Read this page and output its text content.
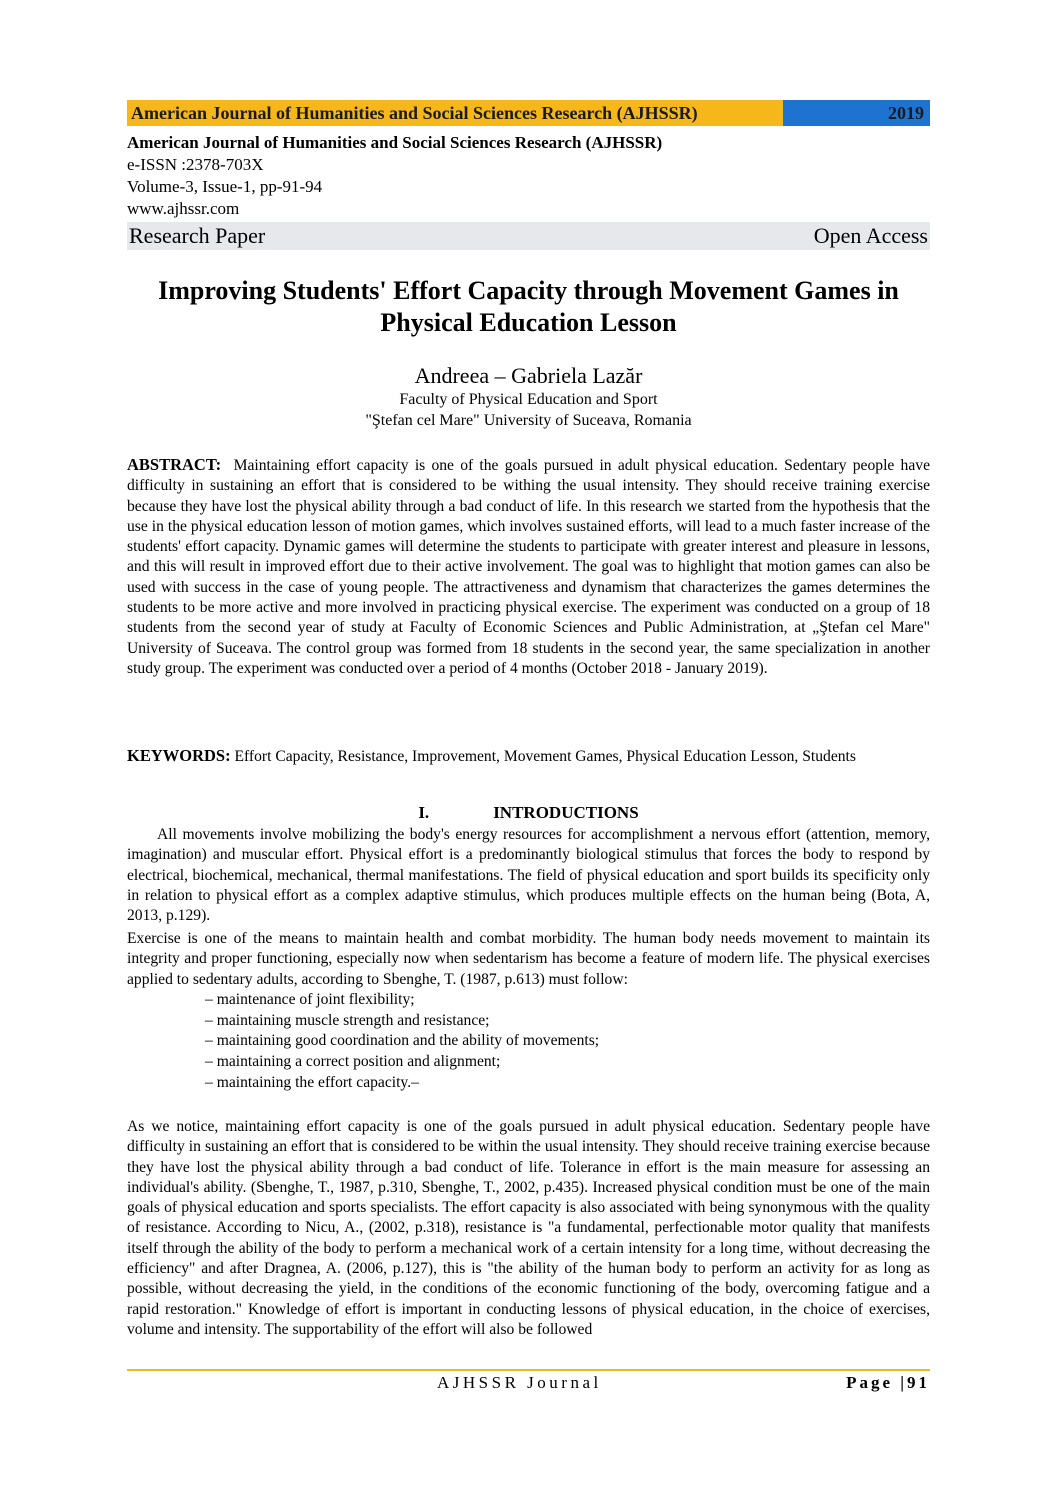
American Journal of Humanities and Social Sciences Research (AJHSSR)	2019
American Journal of Humanities and Social Sciences Research (AJHSSR)
e-ISSN :2378-703X
Volume-3, Issue-1, pp-91-94
www.ajhssr.com
Research Paper	Open Access
Improving Students' Effort Capacity through Movement Games in Physical Education Lesson
Andreea – Gabriela Lazăr
Faculty of Physical Education and Sport
"Ştefan cel Mare" University of Suceava, Romania
ABSTRACT: Maintaining effort capacity is one of the goals pursued in adult physical education. Sedentary people have difficulty in sustaining an effort that is considered to be withing the usual intensity. They should receive training exercise because they have lost the physical ability through a bad conduct of life. In this research we started from the hypothesis that the use in the physical education lesson of motion games, which involves sustained efforts, will lead to a much faster increase of the students' effort capacity. Dynamic games will determine the students to participate with greater interest and pleasure in lessons, and this will result in improved effort due to their active involvement. The goal was to highlight that motion games can also be used with success in the case of young people. The attractiveness and dynamism that characterizes the games determines the students to be more active and more involved in practicing physical exercise. The experiment was conducted on a group of 18 students from the second year of study at Faculty of Economic Sciences and Public Administration, at „Ştefan cel Mare" University of Suceava. The control group was formed from 18 students in the second year, the same specialization in another study group. The experiment was conducted over a period of 4 months (October 2018 - January 2019).
KEYWORDS: Effort Capacity, Resistance, Improvement, Movement Games, Physical Education Lesson, Students
I.	INTRODUCTIONS
All movements involve mobilizing the body's energy resources for accomplishment a nervous effort (attention, memory, imagination) and muscular effort. Physical effort is a predominantly biological stimulus that forces the body to respond by electrical, biochemical, mechanical, thermal manifestations. The field of physical education and sport builds its specificity only in relation to physical effort as a complex adaptive stimulus, which produces multiple effects on the human being (Bota, A, 2013, p.129).
Exercise is one of the means to maintain health and combat morbidity. The human body needs movement to maintain its integrity and proper functioning, especially now when sedentarism has become a feature of modern life. The physical exercises applied to sedentary adults, according to Sbenghe, T. (1987, p.613) must follow:
– maintenance of joint flexibility;
– maintaining muscle strength and resistance;
– maintaining good coordination and the ability of movements;
– maintaining a correct position and alignment;
– maintaining the effort capacity.–
As we notice, maintaining effort capacity is one of the goals pursued in adult physical education. Sedentary people have difficulty in sustaining an effort that is considered to be within the usual intensity. They should receive training exercise because they have lost the physical ability through a bad conduct of life. Tolerance in effort is the main measure for assessing an individual's ability. (Sbenghe, T., 1987, p.310, Sbenghe, T., 2002, p.435). Increased physical condition must be one of the main goals of physical education and sports specialists. The effort capacity is also associated with being synonymous with the quality of resistance. According to Nicu, A., (2002, p.318), resistance is "a fundamental, perfectionable motor quality that manifests itself through the ability of the body to perform a mechanical work of a certain intensity for a long time, without decreasing the efficiency" and after Dragnea, A. (2006, p.127), this is "the ability of the human body to perform an activity for as long as possible, without decreasing the yield, in the conditions of the economic functioning of the body, overcoming fatigue and a rapid restoration." Knowledge of effort is important in conducting lessons of physical education, in the choice of exercises, volume and intensity. The supportability of the effort will also be followed
AJHSSR Journal	Page |91
